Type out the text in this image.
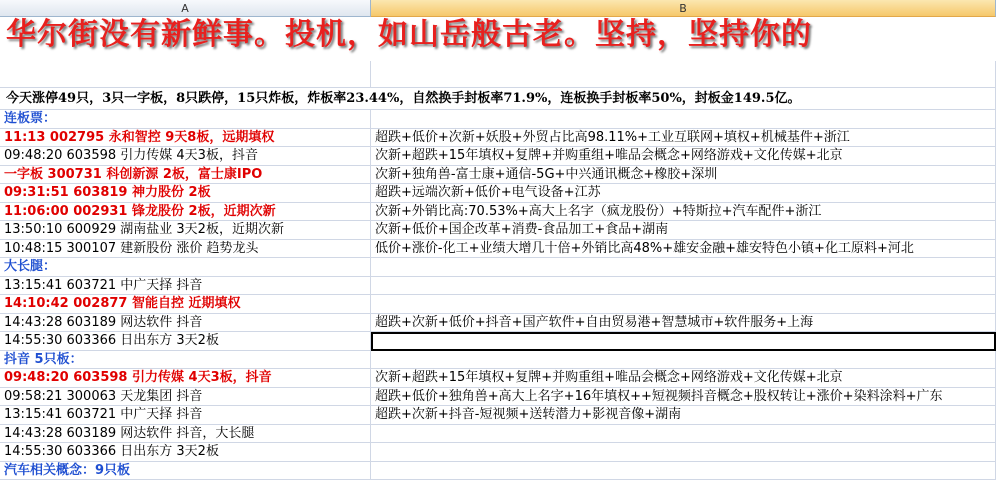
A	B
华尔街没有新鲜事。投机，如山岳般古老。坚持，坚持你的
今天涨停49只，3只一字板，8只跌停，15只炸板，炸板率23.44%，自然换手封板率71.9%，连板换手封板率50%，封板金149.5亿。
连板票：
11:13 002795 永和智控 9天8板，远期填权	超跌+低价+次新+妖股+外贸占比高98.11%+工业互联网+填权+机械基件+浙江
09:48:20 603598 引力传媒 4天3板，抖音	次新+超跌+15年填权+复牌+并购重组+唯品会概念+网络游戏+文化传媒+北京
一字板 300731 科创新源 2板，富士康IPO	次新+独角兽-富士康+通信-5G+中兴通讯概念+橡胶+深圳
09:31:51 603819 神力股份 2板	超跌+远端次新+低价+电气设备+江苏
11:06:00 002931 锋龙股份 2板，近期次新	次新+外销比高:70.53%+高大上名字（疯龙股份）+特斯拉+汽车配件+浙江
13:50:10 600929 湖南盐业 3天2板，近期次新	次新+低价+国企改革+消费-食品加工+食品+湖南
10:48:15 300107 建新股份 涨价 趋势龙头	低价+涨价-化工+业绩大增几十倍+外销比高48%+雄安金融+雄安特色小镇+化工原料+河北
大长腿：
13:15:41 603721 中广天择 抖音
14:10:42 002877 智能自控 近期填权
14:43:28 603189 网达软件 抖音	超跌+次新+低价+抖音+国产软件+自由贸易港+智慧城市+软件服务+上海
14:55:30 603366 日出东方 3天2板
抖音 5只板：
09:48:20 603598 引力传媒 4天3板，抖音	次新+超跌+15年填权+复牌+并购重组+唯品会概念+网络游戏+文化传媒+北京
09:58:21 300063 天龙集团 抖音	超跌+低价+独角兽+高大上名字+16年填权++短视频抖音概念+股权转让+涨价+染料涂料+广东
13:15:41 603721 中广天择 抖音	超跌+次新+抖音-短视频+送转潜力+影视音像+湖南
14:43:28 603189 网达软件 抖音，大长腿
14:55:30 603366 日出东方 3天2板
汽车相关概念：9只板
